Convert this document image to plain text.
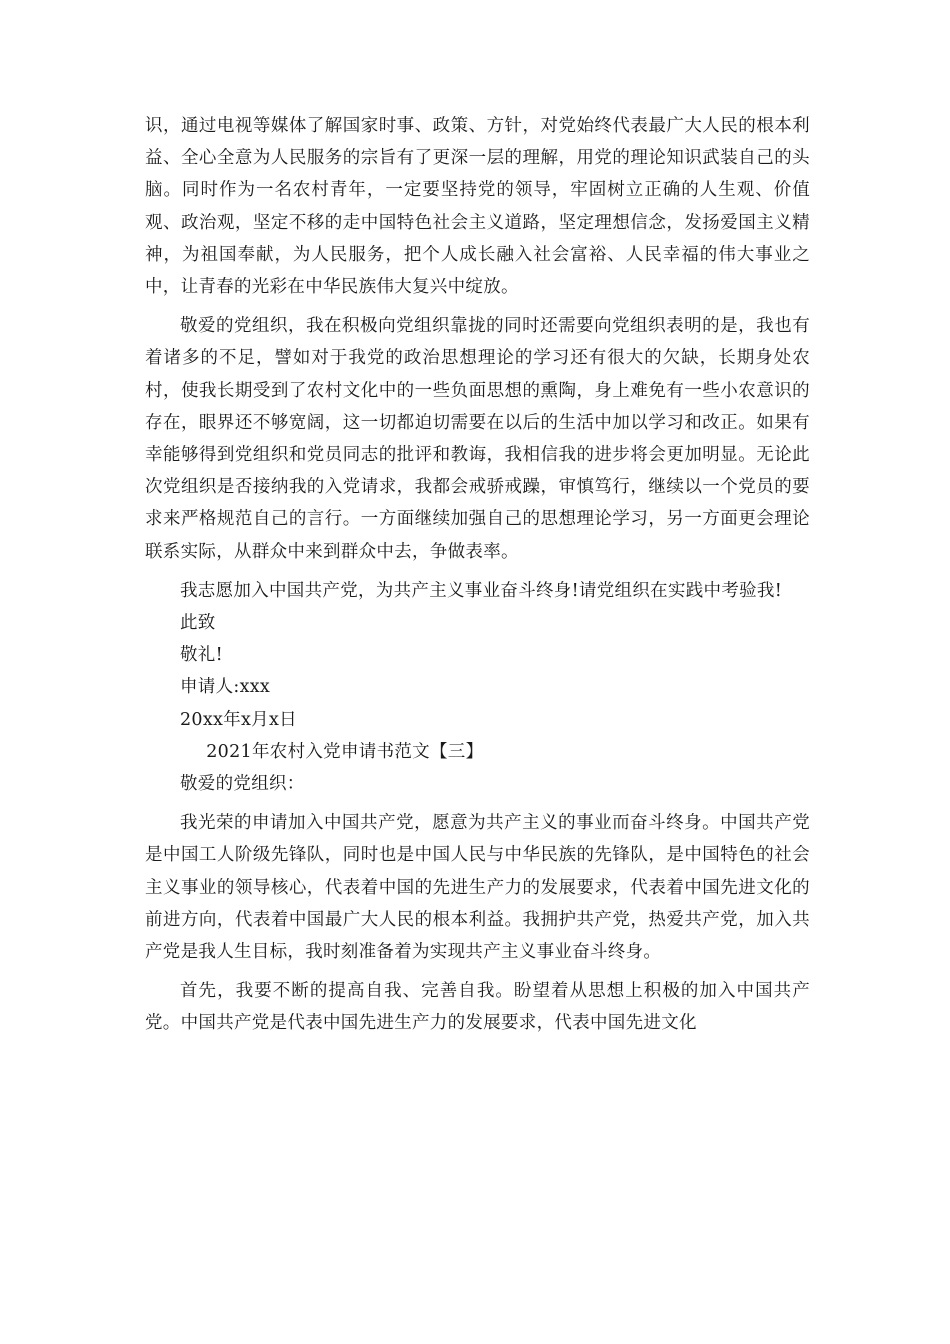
识，通过电视等媒体了解国家时事、政策、方针，对党始终代表最广大人民的根本利益、全心全意为人民服务的宗旨有了更深一层的理解，用党的理论知识武装自己的头脑。同时作为一名农村青年，一定要坚持党的领导，牢固树立正确的人生观、价值观、政治观，坚定不移的走中国特色社会主义道路，坚定理想信念，发扬爱国主义精神，为祖国奉献，为人民服务，把个人成长融入社会富裕、人民幸福的伟大事业之中，让青春的光彩在中华民族伟大复兴中绽放。

敬爱的党组织，我在积极向党组织靠拢的同时还需要向党组织表明的是，我也有着诸多的不足，譬如对于我党的政治思想理论的学习还有很大的欠缺，长期身处农村，使我长期受到了农村文化中的一些负面思想的熏陶，身上难免有一些小农意识的存在，眼界还不够宽阔，这一切都迫切需要在以后的生活中加以学习和改正。如果有幸能够得到党组织和党员同志的批评和教诲，我相信我的进步将会更加明显。无论此次党组织是否接纳我的入党请求，我都会戒骄戒躁，审慎笃行，继续以一个党员的要求来严格规范自己的言行。一方面继续加强自己的思想理论学习，另一方面更会理论联系实际，从群众中来到群众中去，争做表率。

我志愿加入中国共产党，为共产主义事业奋斗终身!请党组织在实践中考验我!

此致

敬礼!

申请人:xxx

20xx年x月x日

2021年农村入党申请书范文【三】

敬爱的党组织：

我光荣的申请加入中国共产党，愿意为共产主义的事业而奋斗终身。中国共产党是中国工人阶级先锋队，同时也是中国人民与中华民族的先锋队，是中国特色的社会主义事业的领导核心，代表着中国的先进生产力的发展要求，代表着中国先进文化的前进方向，代表着中国最广大人民的根本利益。我拥护共产党，热爱共产党，加入共产党是我人生目标，我时刻准备着为实现共产主义事业奋斗终身。

首先，我要不断的提高自我、完善自我。盼望着从思想上积极的加入中国共产党。中国共产党是代表中国先进生产力的发展要求，代表中国先进文化
